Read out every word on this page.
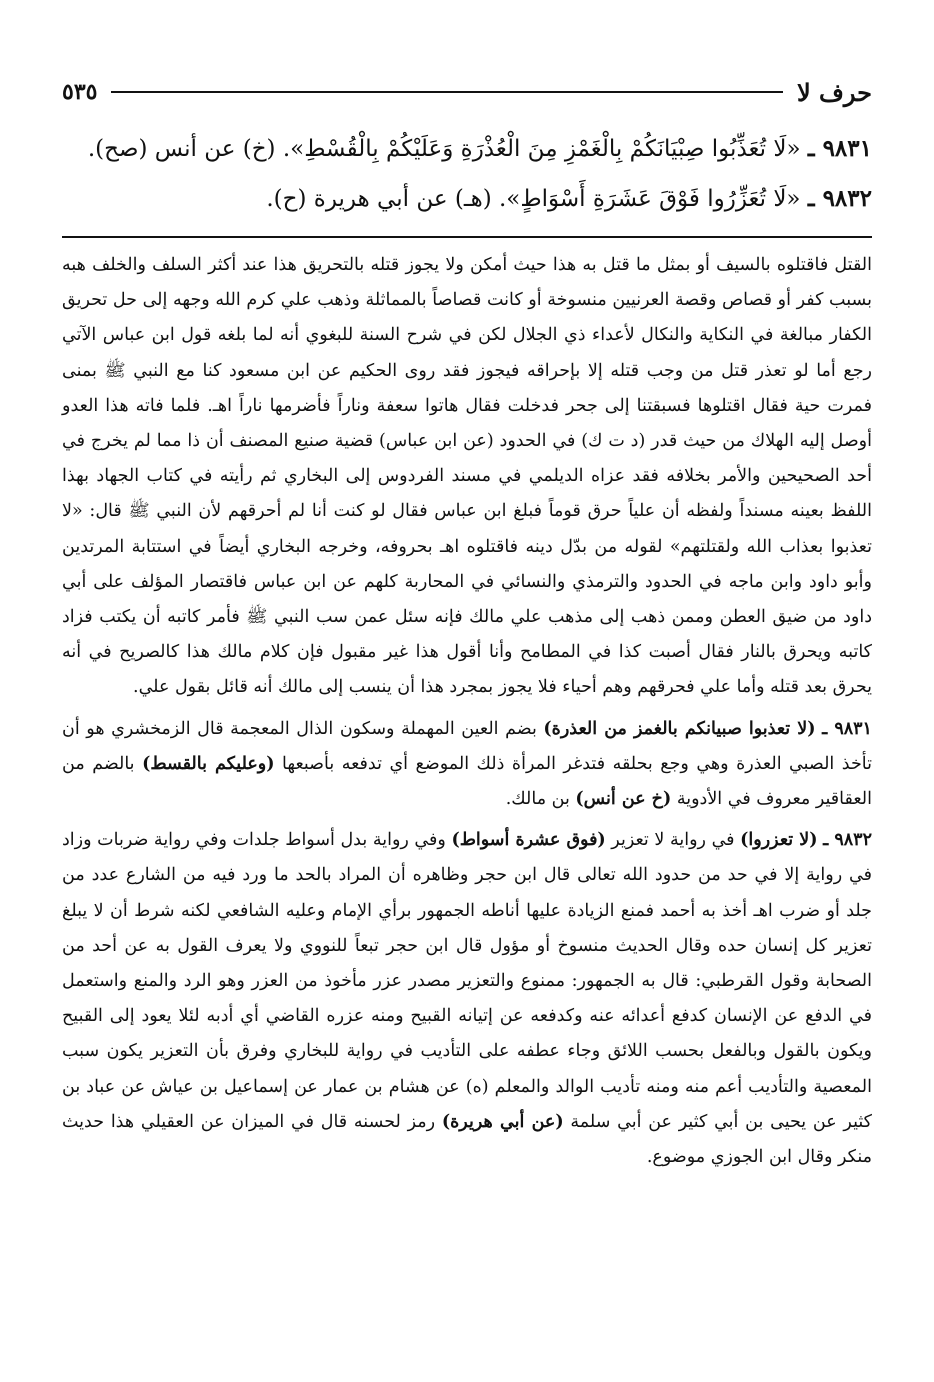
حرف لا
٥٣٥
٩٨٣١ ـ «لَا تُعَذِّبُوا صِبْيَانَكُمْ بِالْغَمْزِ مِنَ الْعُذْرَةِ وَعَلَيْكُمْ بِالْقُسْطِ». (خ) عن أنس (صح).
٩٨٣٢ ـ «لَا تُعَزِّرُوا فَوْقَ عَشَرَةِ أَسْوَاطٍ». (هـ) عن أبي هريرة (ح).

القتل فاقتلوه بالسيف أو بمثل ما قتل به هذا حيث أمكن ولا يجوز قتله بالتحريق هذا عند أكثر السلف والخلف هبه بسبب كفر أو قصاص وقصة العرنيين منسوخة أو كانت قصاصاً بالمماثلة وذهب علي كرم الله وجهه إلى حل تحريق الكفار مبالغة في النكاية والنكال لأعداء ذي الجلال لكن في شرح السنة للبغوي أنه لما بلغه قول ابن عباس الآتي رجع أما لو تعذر قتل من وجب قتله إلا بإحراقه فيجوز فقد روى الحكيم عن ابن مسعود كنا مع النبي ﷺ بمنى فمرت حية فقال اقتلوها فسبقتنا إلى جحر فدخلت فقال هاتوا سعفة وناراً فأضرمها ناراً اهـ. فلما فاته هذا العدو أوصل إليه الهلاك من حيث قدر (د ت ك) في الحدود (عن ابن عباس) قضية صنيع المصنف أن ذا مما لم يخرج في أحد الصحيحين والأمر بخلافه فقد عزاه الديلمي في مسند الفردوس إلى البخاري ثم رأيته في كتاب الجهاد بهذا اللفظ بعينه مسنداً ولفظه أن علياً حرق قوماً فبلغ ابن عباس فقال لو كنت أنا لم أحرقهم لأن النبي ﷺ قال: «لا تعذبوا بعذاب الله ولقتلتهم» لقوله من بدّل دينه فاقتلوه اهـ بحروفه، وخرجه البخاري أيضاً في استتابة المرتدين وأبو داود وابن ماجه في الحدود والترمذي والنسائي في المحاربة كلهم عن ابن عباس فاقتصار المؤلف على أبي داود من ضيق العطن وممن ذهب إلى مذهب علي مالك فإنه سئل عمن سب النبي ﷺ فأمر كاتبه أن يكتب فزاد كاتبه ويحرق بالنار فقال أصبت كذا في المطامح وأنا أقول هذا غير مقبول فإن كلام مالك هذا كالصريح في أنه يحرق بعد قتله وأما علي فحرقهم وهم أحياء فلا يجوز بمجرد هذا أن ينسب إلى مالك أنه قائل بقول علي.

٩٨٣١ ـ (لا تعذبوا صبيانكم بالغمز من العذرة) بضم العين المهملة وسكون الذال المعجمة قال الزمخشري هو أن تأخذ الصبي العذرة وهي وجع بحلقه فتدغر المرأة ذلك الموضع أي تدفعه بأصبعها (وعليكم بالقسط) بالضم من العقاقير معروف في الأدوية (خ عن أنس) بن مالك.

٩٨٣٢ ـ (لا تعزروا) في رواية لا تعزير (فوق عشرة أسواط) وفي رواية بدل أسواط جلدات وفي رواية ضربات وزاد في رواية إلا في حد من حدود الله تعالى قال ابن حجر وظاهره أن المراد بالحد ما ورد فيه من الشارع عدد من جلد أو ضرب اهـ أخذ به أحمد فمنع الزيادة عليها أناطه الجمهور برأي الإمام وعليه الشافعي لكنه شرط أن لا يبلغ تعزير كل إنسان حده وقال الحديث منسوخ أو مؤول قال ابن حجر تبعاً للنووي ولا يعرف القول به عن أحد من الصحابة وقول القرطبي: قال به الجمهور: ممنوع والتعزير مصدر عزر مأخوذ من العزر وهو الرد والمنع واستعمل في الدفع عن الإنسان كدفع أعدائه عنه وكدفعه عن إتيانه القبيح ومنه عزره القاضي أي أدبه لئلا يعود إلى القبيح ويكون بالقول وبالفعل بحسب اللائق وجاء عطفه على التأديب في رواية للبخاري وفرق بأن التعزير يكون سبب المعصية والتأديب أعم منه ومنه تأديب الوالد والمعلم (ه) عن هشام بن عمار عن إسماعيل بن عياش عن عباد بن كثير عن يحيى بن أبي كثير عن أبي سلمة (عن أبي هريرة) رمز لحسنه قال في الميزان عن العقيلي هذا حديث منكر وقال ابن الجوزي موضوع.
